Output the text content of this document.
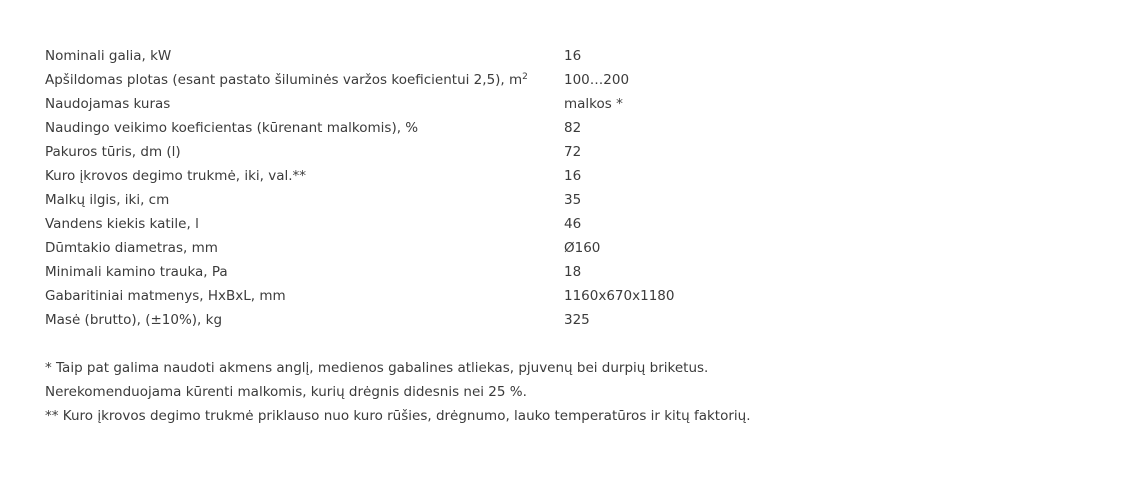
Nominali galia, kW	16
Apšildomas plotas (esant pastato šiluminės varžos koeficientui 2,5), $m^2$	100…200
Naudojamas kuras	malkos *
Naudingo veikimo koeficientas (kūrenant malkomis), %	82
Pakuros tūris, dm (l)	72
Kuro įkrovos degimo trukmė, iki, val.**	16
Malkų ilgis, iki, cm	35
Vandens kiekis katile, l	46
Dūmtakio diametras, mm	Ø160
Minimali kamino trauka, Pa	18
Gabaritiniai matmenys, HxBxL, mm	1160x670x1180
Masė (brutto), (±10%), kg	325

* Taip pat galima naudoti akmens anglį, medienos gabalines atliekas, pjuvenų bei durpių briketus.

Nerekomenduojama kūrenti malkomis, kurių drėgnis didesnis nei 25 %.

** Kuro įkrovos degimo trukmė priklauso nuo kuro rūšies, drėgnumo, lauko temperatūros ir kitų faktorių.
